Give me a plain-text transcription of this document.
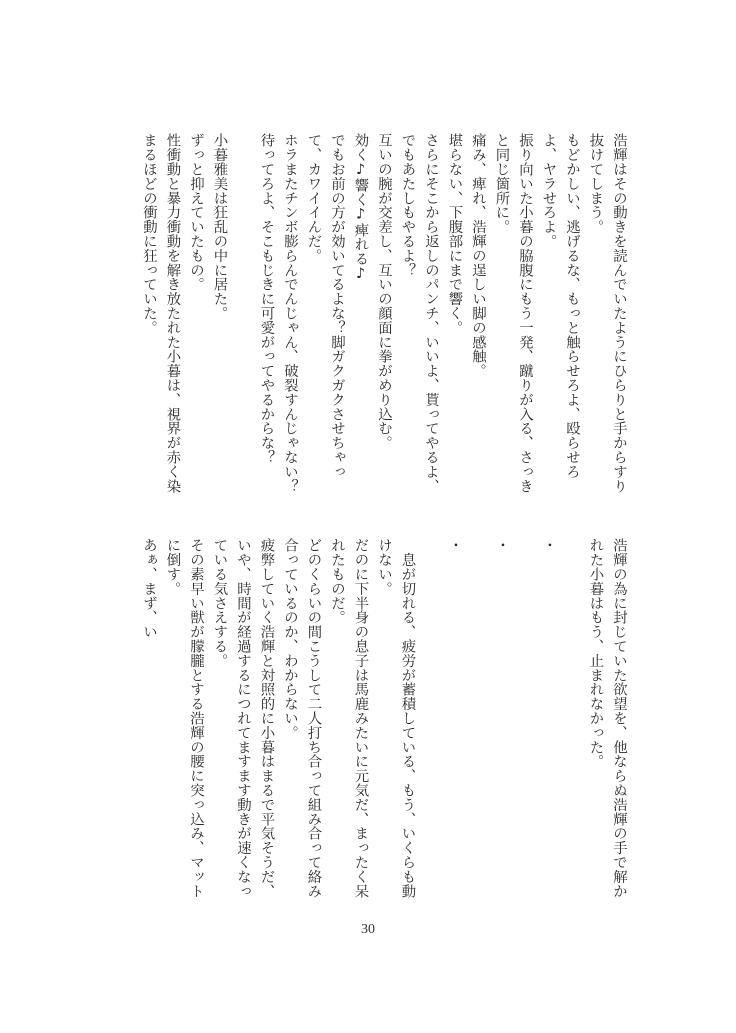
浩輝はその動きを読んでいたようにひらりと手からすり
抜けてしまう。
もどかしい、逃げるな、もっと触らせろよ、殴らせろ
よ、ヤラせろよ。
振り向いた小暮の脇腹にもう一発、蹴りが入る、さっき
と同じ箇所に。
痛み、痺れ、浩輝の逞しい脚の感触。
堪らない、下腹部にまで響く。
さらにそこから返しのパンチ、いいよ、貰ってやるよ、
でもあたしもやるよ？
互いの腕が交差し、互いの顔面に拳がめり込む。
効く♪響く♪痺れる♪
でもお前の方が効いてるよな？脚ガクガクさせちゃっ
て、カワイイんだ。
ホラまたチンボ膨らんでんじゃん、破裂すんじゃない？
待ってろよ、そこもじきに可愛がってやるからな？
小暮雅美は狂乱の中に居た。
ずっと抑えていたもの。
性衝動と暴力衝動を解き放たれた小暮は、視界が赤く染
まるほどの衝動に狂っていた。
浩輝の為に封じていた欲望を、他ならぬ浩輝の手で解か
れた小暮はもう、止まれなかった。
・
・
・
　息が切れる、疲労が蓄積している、もう、いくらも動
けない。
だのに下半身の息子は馬鹿みたいに元気だ、まったく呆
れたものだ。
どのくらいの間こうして二人打ち合って組み合って絡み
合っているのか、わからない。
疲弊していく浩輝と対照的に小暮はまるで平気そうだ、
いや、時間が経過するにつれてますます動きが速くなっ
ている気さえする。
その素早い獣が朦朧とする浩輝の腰に突っ込み、マット
に倒す。
あぁ、まず、い
30
